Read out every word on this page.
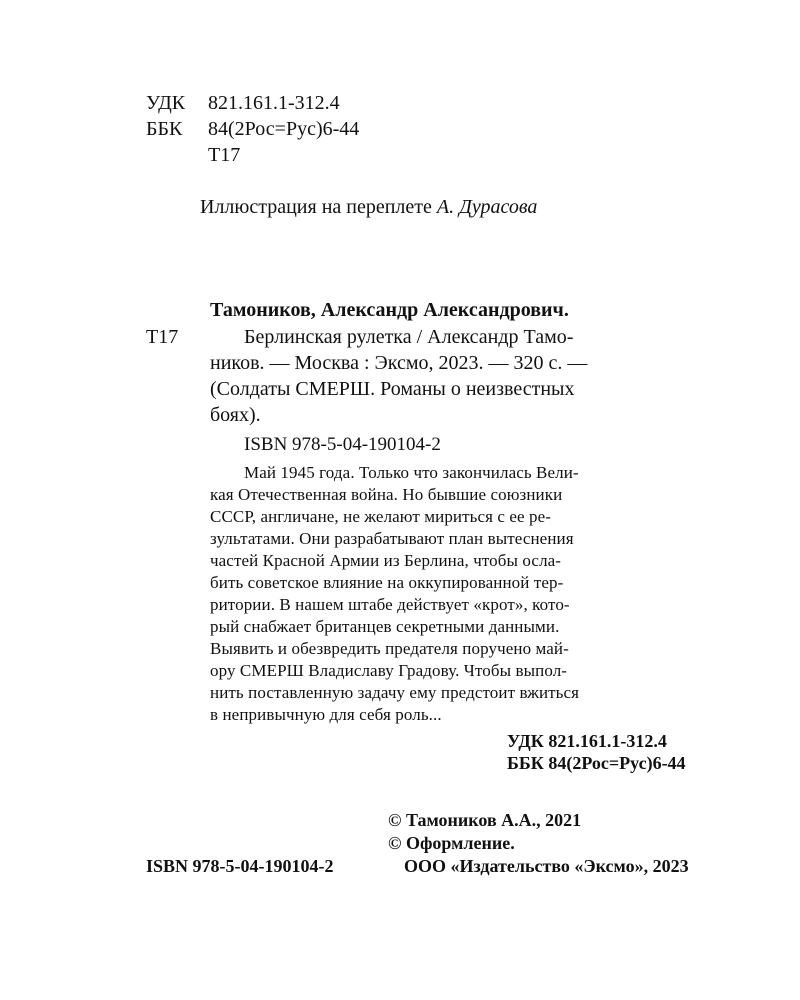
УДК	821.161.1-312.4
ББК	84(2Рос=Рус)6-44
Т17
Иллюстрация на переплете А. Дурасова
Тамоников, Александр Александрович.
Т17	Берлинская рулетка / Александр Тамо-
ников. — Москва : Эксмо, 2023. — 320 с. —
(Солдаты СМЕРШ. Романы о неизвестных
боях).
ISBN 978-5-04-190104-2
Май 1945 года. Только что закончилась Вели-
кая Отечественная война. Но бывшие союзники
СССР, англичане, не желают мириться с ее ре-
зультатами. Они разрабатывают план вытеснения
частей Красной Армии из Берлина, чтобы осла-
бить советское влияние на оккупированной тер-
ритории. В нашем штабе действует «крот», кото-
рый снабжает британцев секретными данными.
Выявить и обезвредить предателя поручено май-
ору СМЕРШ Владиславу Градову. Чтобы выпол-
нить поставленную задачу ему предстоит вжиться
в непривычную для себя роль...
УДК 821.161.1-312.4
ББК 84(2Рос=Рус)6-44
© Тамоников А.А., 2021
© Оформление.
ISBN 978-5-04-190104-2	ООО «Издательство «Эксмо», 2023
